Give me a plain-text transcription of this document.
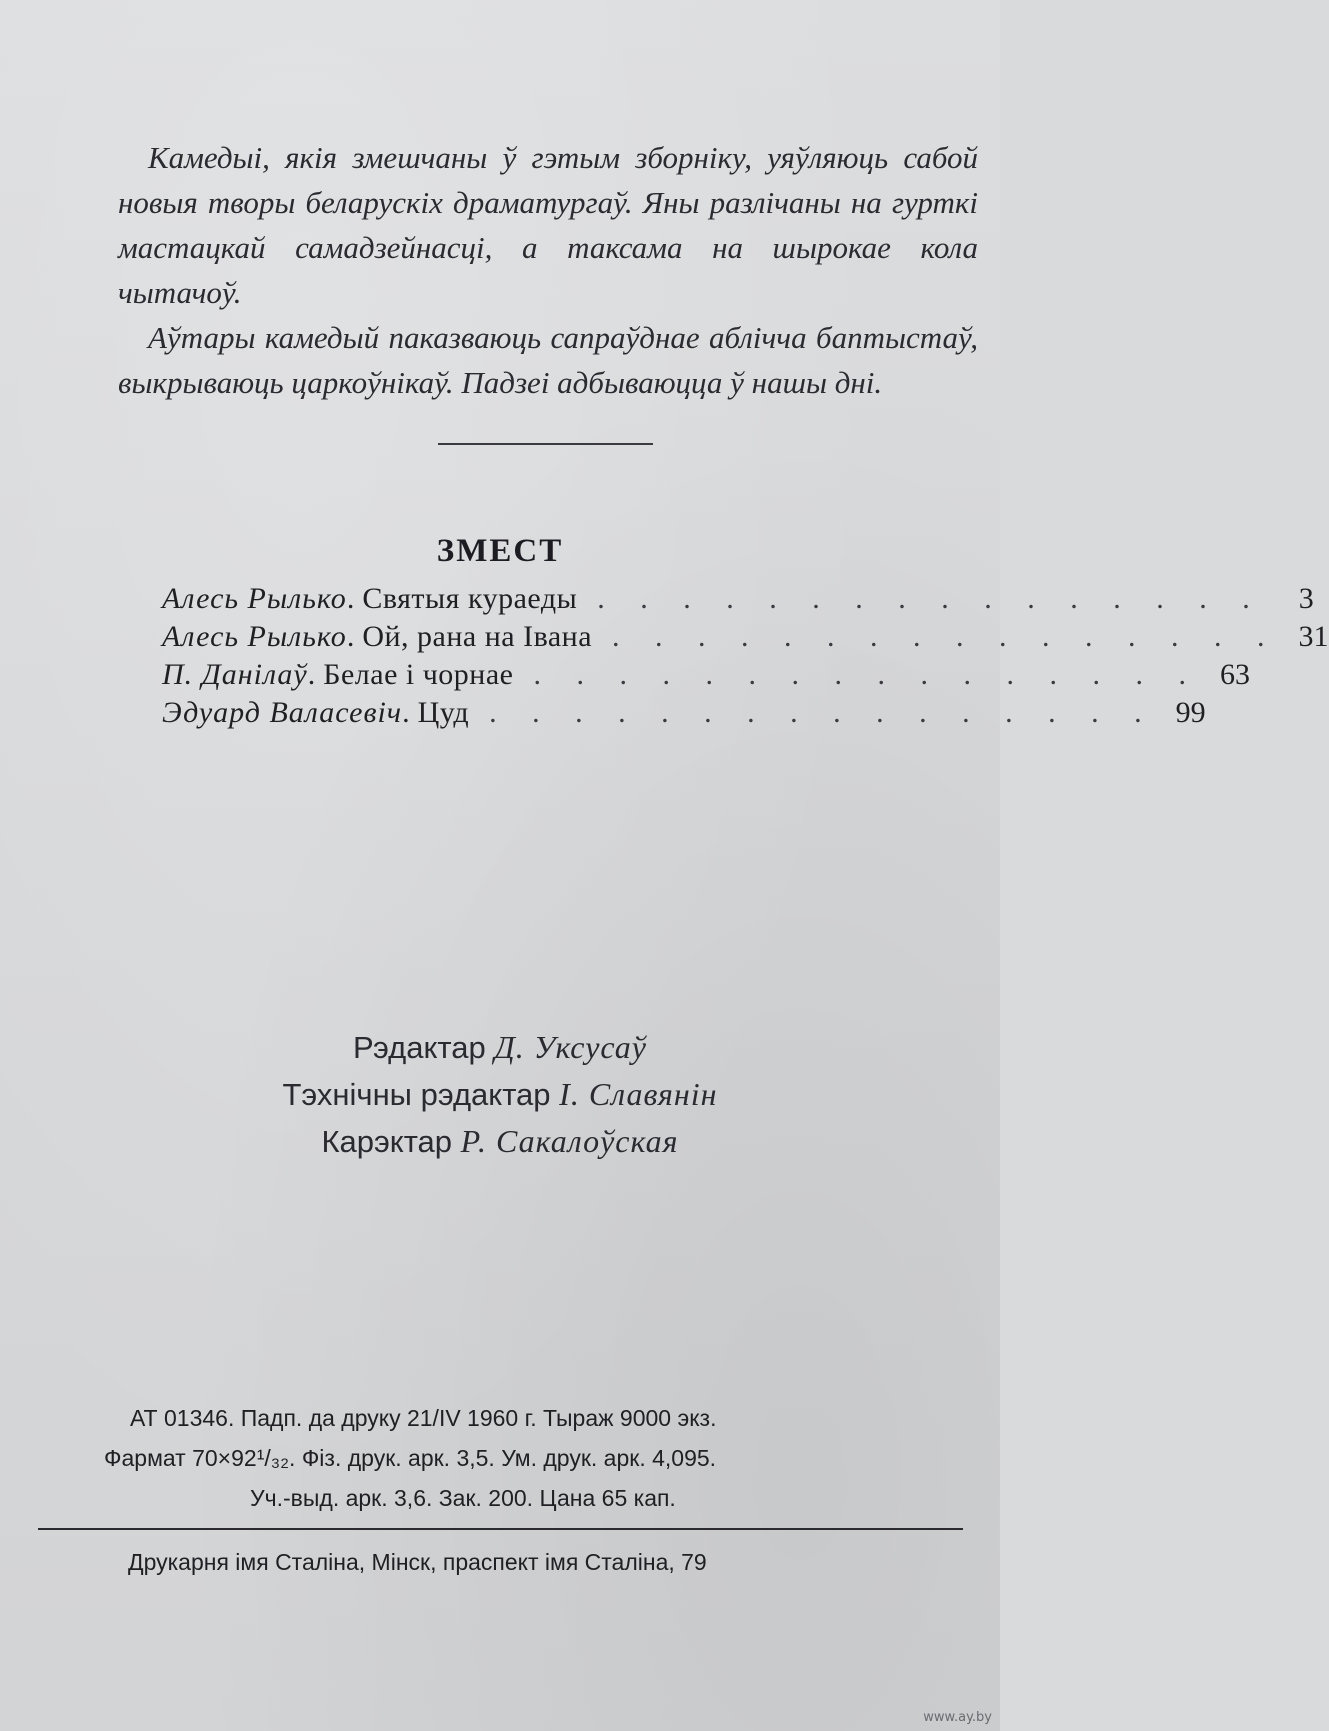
Камедыі, якія змешчаны ў гэтым зборніку, уяўляюць сабой новыя творы беларускіх драматургаў. Яны разлічаны на гурткі мастацкай самадзейнасці, а таксама на шырокае кола чытачоў.

Аўтары камедый паказваюць сапраўднае аблічча баптыстаў, выкрываюць царкоўнікаў. Падзеі адбываюцца ў нашы дні.

ЗМЕСТ
Алесь Рылько . Святыя кураеды . . . . . . . . . . . . . . . .	3
Алесь Рылько . Ой, рана на Івана . . . . . . . . . . . . . . . . 31
П. Данілаў . Белае і чорнае . . . . . . . . . . . . . . . . 63
Эдуард Валасевіч . Цуд . . . . . . . . . . . . . . . . 99
Рэдактар Д. Уксусаў
Тэхнічны рэдактар І. Славянін
Карэктар Р. Сакалоўская
АТ 01346. Падп. да друку 21/IV 1960 г. Тыраж 9000 экз.
Фармат 70×92¹/₃₂. Фіз. друк. арк. 3,5. Ум. друк. арк. 4,095.
Уч.-выд. арк. 3,6. Зак. 200. Цана 65 кап.
Друкарня імя Сталіна, Мінск, праспект імя Сталіна, 79
www.ay.by
